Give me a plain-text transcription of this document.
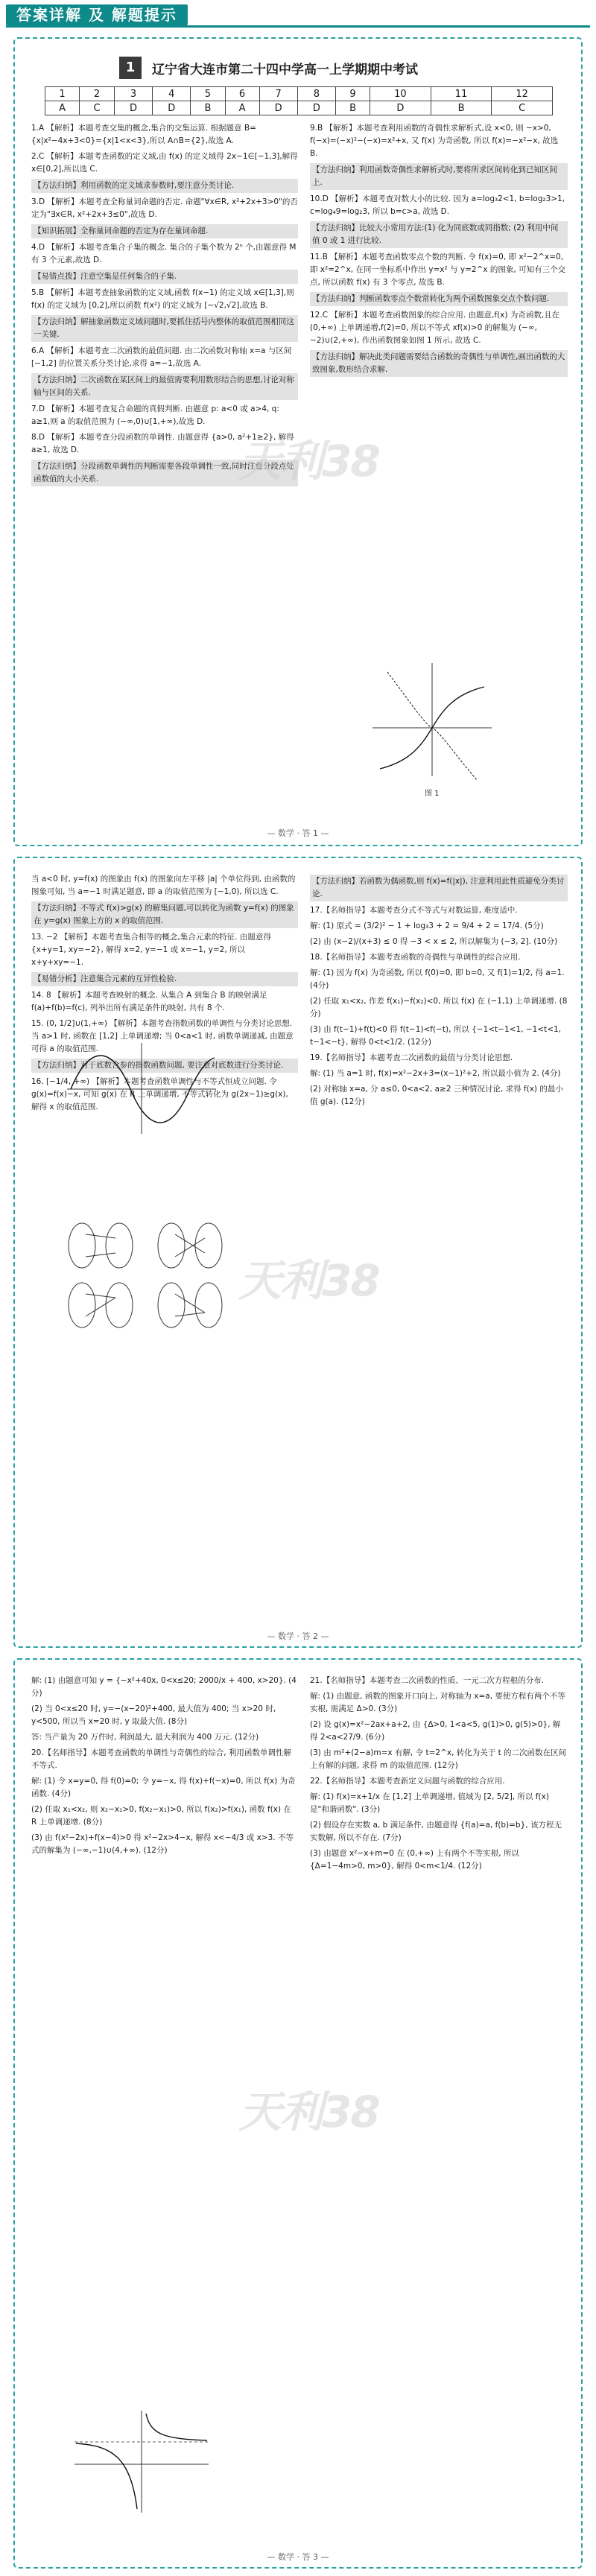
答案详解 及 解题提示
1	辽宁省大连市第二十四中学高一上学期期中考试
1	2	3	4	5	6	7	8	9	10	11	12
A	C	D	D	B	A	D	D	B	D	B	C
1.A 【解析】本题考查交集的概念,集合的交集运算. 根据题意 B={x|x²−4x+3<0}={x|1<x<3},所以 A∩B={2},故选 A.
2.C 【解析】本题考查函数的定义域,由 f(x) 的定义域得 2x−1∈[−1,3],解得 x∈[0,2],所以选 C.
【方法归纳】利用函数的定义域求参数时,要注意分类讨论.
3.D 【解析】本题考查全称量词命题的否定. 命题"∀x∈R, x²+2x+3>0"的否定为"∃x∈R, x²+2x+3≤0",故选 D.
【知识拓展】全称量词命题的否定为存在量词命题.
4.D 【解析】本题考查集合子集的概念. 集合的子集个数为 2ⁿ 个,由题意得 M 有 3 个元素,故选 D.
【易错点拨】注意空集是任何集合的子集.
5.B 【解析】本题考查抽象函数的定义域,函数 f(x−1) 的定义域 x∈[1,3],则 f(x) 的定义域为 [0,2],所以函数 f(x²) 的定义域为 [−√2,√2],故选 B.
【方法归纳】解抽象函数定义域问题时,要抓住括号内整体的取值范围相同这一关键.
6.A 【解析】本题考查二次函数的最值问题. 由二次函数对称轴 x=a 与区间 [−1,2] 的位置关系分类讨论,求得 a=−1,故选 A.
【方法归纳】二次函数在某区间上的最值需要利用数形结合的思想,讨论对称轴与区间的关系.
7.D 【解析】本题考查复合命题的真假判断. 由题意 p: a<0 或 a>4, q: a≥1,则 a 的取值范围为 (−∞,0)∪[1,+∞),故选 D.
8.D 【解析】本题考查分段函数的单调性. 由题意得 {a>0, a²+1≥2}, 解得 a≥1, 故选 D.
【方法归纳】分段函数单调性的判断需要各段单调性一致,同时注意分段点处函数值的大小关系.
9.B 【解析】本题考查利用函数的奇偶性求解析式,设 x<0, 则 −x>0, f(−x)=(−x)²−(−x)=x²+x, 又 f(x) 为奇函数, 所以 f(x)=−x²−x, 故选 B.
【方法归纳】利用函数奇偶性求解析式时,要将所求区间转化到已知区间上.
10.D 【解析】本题考查对数大小的比较. 因为 a=log₃2<1, b=log₂3>1, c=log₄9=log₂3, 所以 b=c>a, 故选 D.
【方法归纳】比较大小常用方法:(1) 化为同底数或同指数; (2) 利用中间值 0 或 1 进行比较.
11.B 【解析】本题考查函数零点个数的判断. 令 f(x)=0, 即 x²−2^x=0, 即 x²=2^x, 在同一坐标系中作出 y=x² 与 y=2^x 的图象, 可知有三个交点, 所以函数 f(x) 有 3 个零点, 故选 B.
【方法归纳】判断函数零点个数常转化为两个函数图象交点个数问题.
12.C 【解析】本题考查函数图象的综合应用. 由题意,f(x) 为奇函数,且在 (0,+∞) 上单调递增,f(2)=0, 所以不等式 xf(x)>0 的解集为 (−∞,−2)∪(2,+∞), 作出函数图象如图 1 所示, 故选 C.
【方法归纳】解决此类问题需要结合函数的奇偶性与单调性,画出函数的大致图象,数形结合求解.
图 1
天利38
— 数学 · 答 1 —
当 a<0 时, y=f(x) 的图象由 f(x) 的图象向左平移 |a| 个单位得到, 由函数的图象可知, 当 a=−1 时满足题意, 即 a 的取值范围为 [−1,0), 所以选 C.
【方法归纳】不等式 f(x)>g(x) 的解集问题,可以转化为函数 y=f(x) 的图象在 y=g(x) 图象上方的 x 的取值范围.
13. −2 【解析】本题考查集合相等的概念,集合元素的特征. 由题意得 {x+y=1, xy=−2}, 解得 x=2, y=−1 或 x=−1, y=2, 所以 x+y+xy=−1.
【易错分析】注意集合元素的互异性检验.
14. 8 【解析】本题考查映射的概念. 从集合 A 到集合 B 的映射满足 f(a)+f(b)=f(c), 列举出所有满足条件的映射, 共有 8 个.
15. (0, 1/2]∪(1,+∞) 【解析】本题考查指数函数的单调性与分类讨论思想. 当 a>1 时, 函数在 [1,2] 上单调递增; 当 0<a<1 时, 函数单调递减, 由题意可得 a 的取值范围.
【方法归纳】对于底数含参的指数函数问题, 要注意对底数进行分类讨论.
16. [−1/4, +∞) 【解析】本题考查函数单调性与不等式恒成立问题. 令 g(x)=f(x)−x, 可知 g(x) 在 R 上单调递增, 不等式转化为 g(2x−1)≥g(x), 解得 x 的取值范围.
【方法归纳】若函数为偶函数,则 f(x)=f(|x|), 注意利用此性质避免分类讨论.
17.【名师指导】本题考查分式不等式与对数运算, 难度适中.
解: (1) 原式 = (3/2)² − 1 + log₃3 + 2 = 9/4 + 2 = 17/4. (5分)
(2) 由 (x−2)/(x+3) ≤ 0 得 −3 < x ≤ 2, 所以解集为 (−3, 2]. (10分)
18.【名师指导】本题考查函数的奇偶性与单调性的综合应用.
解: (1) 因为 f(x) 为奇函数, 所以 f(0)=0, 即 b=0, 又 f(1)=1/2, 得 a=1. (4分)
(2) 任取 x₁<x₂, 作差 f(x₁)−f(x₂)<0, 所以 f(x) 在 (−1,1) 上单调递增. (8分)
(3) 由 f(t−1)+f(t)<0 得 f(t−1)<f(−t), 所以 {−1<t−1<1, −1<t<1, t−1<−t}, 解得 0<t<1/2. (12分)
19.【名师指导】本题考查二次函数的最值与分类讨论思想.
解: (1) 当 a=1 时, f(x)=x²−2x+3=(x−1)²+2, 所以最小值为 2. (4分)
(2) 对称轴 x=a, 分 a≤0, 0<a<2, a≥2 三种情况讨论, 求得 f(x) 的最小值 g(a). (12分)
天利38
— 数学 · 答 2 —
解: (1) 由题意可知 y = {−x²+40x, 0<x≤20; 2000/x + 400, x>20}. (4分)
(2) 当 0<x≤20 时, y=−(x−20)²+400, 最大值为 400; 当 x>20 时, y<500, 所以当 x=20 时, y 取最大值. (8分)
答: 当产量为 20 万件时, 利润最大, 最大利润为 400 万元. (12分)
20.【名师指导】本题考查函数的单调性与奇偶性的综合, 利用函数单调性解不等式.
解: (1) 令 x=y=0, 得 f(0)=0; 令 y=−x, 得 f(x)+f(−x)=0, 所以 f(x) 为奇函数. (4分)
(2) 任取 x₁<x₂, 则 x₂−x₁>0, f(x₂−x₁)>0, 所以 f(x₂)>f(x₁), 函数 f(x) 在 R 上单调递增. (8分)
(3) 由 f(x²−2x)+f(x−4)>0 得 x²−2x>4−x, 解得 x<−4/3 或 x>3. 不等式的解集为 (−∞,−1)∪(4,+∞). (12分)
21.【名师指导】本题考查二次函数的性质、一元二次方程根的分布.
解: (1) 由题意, 函数的图象开口向上, 对称轴为 x=a, 要使方程有两个不等实根, 需满足 Δ>0. (3分)
(2) 设 g(x)=x²−2ax+a+2, 由 {Δ>0, 1<a<5, g(1)>0, g(5)>0}, 解得 2<a<27/9. (6分)
(3) 由 m²+(2−a)m=x 有解, 令 t=2^x, 转化为关于 t 的二次函数在区间上有解的问题, 求得 m 的取值范围. (12分)
22.【名师指导】本题考查新定义问题与函数的综合应用.
解: (1) f(x)=x+1/x 在 [1,2] 上单调递增, 值域为 [2, 5/2], 所以 f(x) 是"和谐函数". (3分)
(2) 假设存在实数 a, b 满足条件, 由题意得 {f(a)=a, f(b)=b}, 该方程无实数解, 所以不存在. (7分)
(3) 由题意 x²−x+m=0 在 (0,+∞) 上有两个不等实根, 所以 {Δ=1−4m>0, m>0}, 解得 0<m<1/4. (12分)
天利38
— 数学 · 答 3 —
